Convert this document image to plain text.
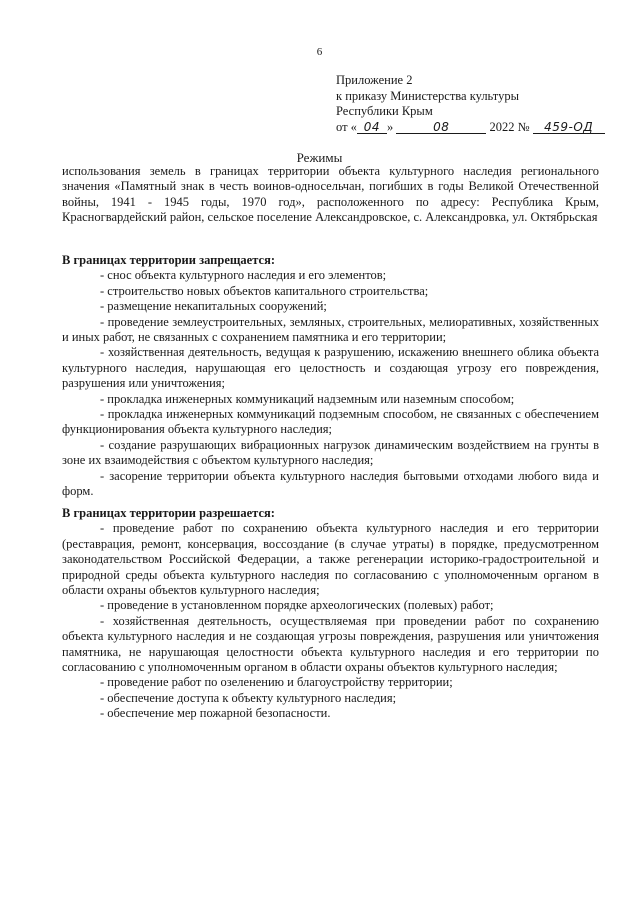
6
Приложение 2
к приказу Министерства культуры
Республики Крым
от « 04 »	08	2022 № 459-ОД
Режимы
использования земель в границах территории объекта культурного наследия регионального значения «Памятный знак в честь воинов-односельчан, погибших в годы Великой Отечественной войны, 1941 - 1945 годы, 1970 год», расположенного по адресу: Республика Крым, Красногвардейский район, сельское поселение Александровское, с. Александровка, ул. Октябрьская
В границах территории запрещается:

- снос объекта культурного наследия и его элементов;

- строительство новых объектов капитального строительства;

- размещение некапитальных сооружений;

- проведение землеустроительных, земляных, строительных, мелиоративных, хозяйственных и иных работ, не связанных с сохранением памятника и его территории;

- хозяйственная деятельность, ведущая к разрушению, искажению внешнего облика объекта культурного наследия, нарушающая его целостность и создающая угрозу его повреждения, разрушения или уничтожения;

- прокладка инженерных коммуникаций надземным или наземным способом;

- прокладка инженерных коммуникаций подземным способом, не связанных с обеспечением функционирования объекта культурного наследия;

- создание разрушающих вибрационных нагрузок динамическим воздействием на грунты в зоне их взаимодействия с объектом культурного наследия;

- засорение территории объекта культурного наследия бытовыми отходами любого вида и форм.

В границах территории разрешается:

- проведение работ по сохранению объекта культурного наследия и его территории (реставрация, ремонт, консервация, воссоздание (в случае утраты) в порядке, предусмотренном законодательством Российской Федерации, а также регенерации историко-градостроительной и природной среды объекта культурного наследия по согласованию с уполномоченным органом в области охраны объектов культурного наследия;

- проведение в установленном порядке археологических (полевых) работ;

- хозяйственная деятельность, осуществляемая при проведении работ по сохранению объекта культурного наследия и не создающая угрозы повреждения, разрушения или уничтожения памятника, не нарушающая целостности объекта культурного наследия и его территории по согласованию с уполномоченным органом в области охраны объектов культурного наследия;

- проведение работ по озеленению и благоустройству территории;

- обеспечение доступа к объекту культурного наследия;

- обеспечение мер пожарной безопасности.
